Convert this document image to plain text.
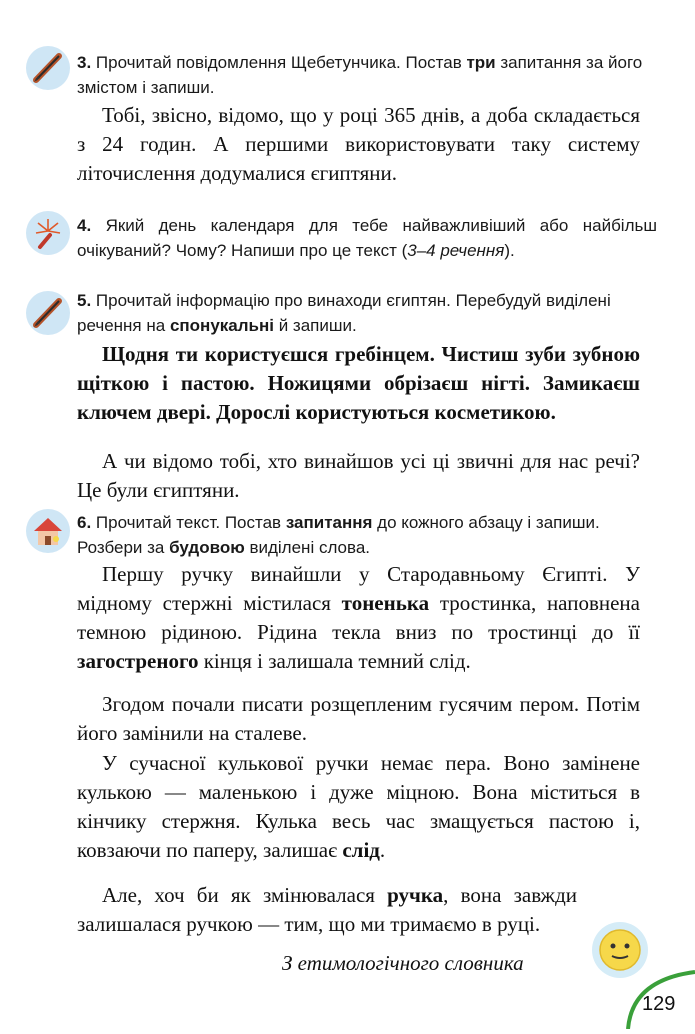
3. Прочитай повідомлення Щебетунчика. Постав три запитання за його змістом і запиши.
Тобі, звісно, відомо, що у році 365 днів, а доба складається з 24 годин. А першими використовувати таку систему літочислення додумалися єгиптяни.
4. Який день календаря для тебе найважливіший або найбільш очікуваний? Чому? Напиши про це текст (3–4 речення).
5. Прочитай інформацію про винаходи єгиптян. Перебудуй виділені речення на спонукальні й запиши.
Щодня ти користуєшся гребінцем. Чистиш зуби зубною щіткою і пастою. Ножицями обрізаєш нігті. Замикаєш ключем двері. Дорослі користуються косметикою.
А чи відомо тобі, хто винайшов усі ці звичні для нас речі? Це були єгиптяни.
6. Прочитай текст. Постав запитання до кожного абзацу і запиши. Розбери за будовою виділені слова.
Першу ручку винайшли у Стародавньому Єгипті. У мідному стержні містилася тоненька тростинка, наповнена темною рідиною. Рідина текла вниз по тростинці до її загостреного кінця і залишала темний слід.
Згодом почали писати розщепленим гусячим пером. Потім його замінили на сталеве.
У сучасної кулькової ручки немає пера. Воно замінене кулькою — маленькою і дуже міцною. Вона міститься в кінчику стержня. Кулька весь час змащується пастою і, ковзаючи по паперу, залишає слід.
Але, хоч би як змінювалася ручка, вона завжди залишалася ручкою — тим, що ми тримаємо в руці.
З етимологічного словника
129
